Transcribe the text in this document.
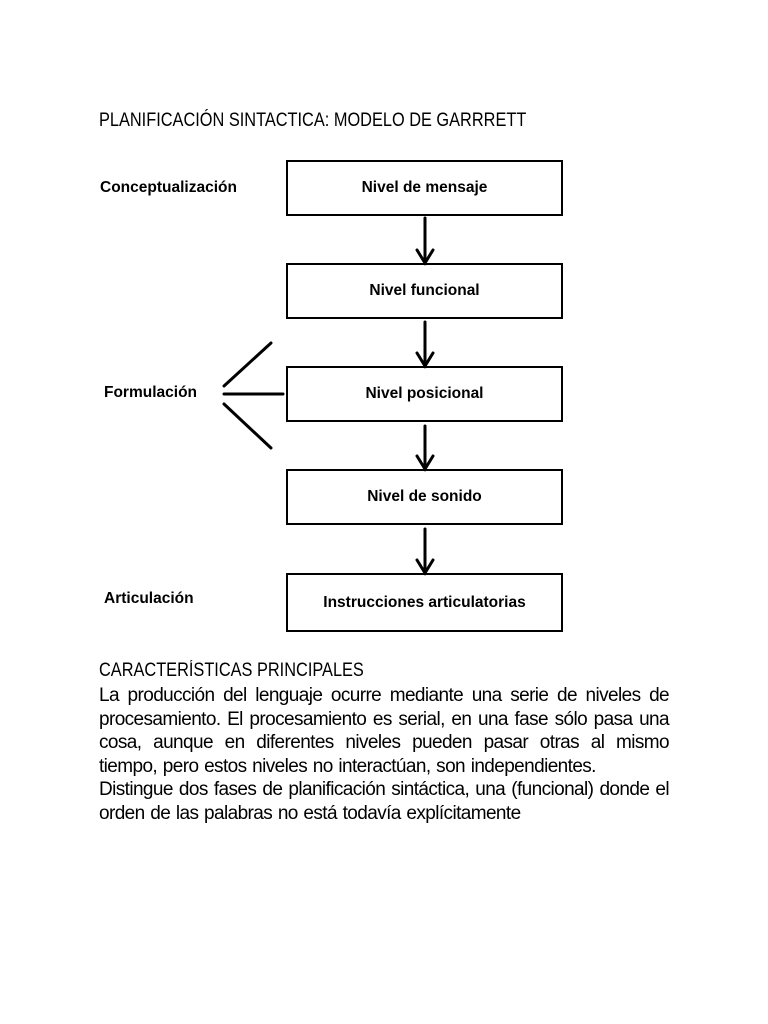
PLANIFICACIÓN SINTACTICA: MODELO DE GARRRETT
Conceptualización
Formulación
Articulación
Nivel de mensaje
Nivel funcional
Nivel posicional
Nivel de sonido
Instrucciones articulatorias
CARACTERÍSTICAS PRINCIPALES

La producción del lenguaje ocurre mediante una serie de niveles de procesamiento. El procesamiento es serial, en una fase sólo pasa una cosa, aunque en diferentes niveles pueden pasar otras al mismo tiempo, pero estos niveles no interactúan, son independientes.

Distingue dos fases de planificación sintáctica, una (funcional) donde el orden de las palabras no está todavía explícitamente
